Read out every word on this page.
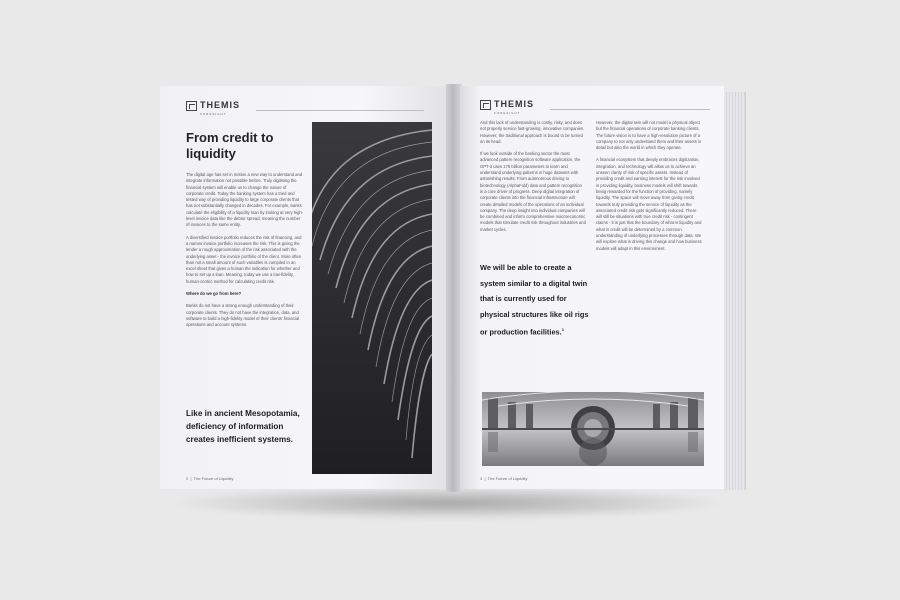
THEMIS
FORESIGHT
From credit to liquidity

The digital age has set in motion a new way to understand and integrate information not possible before. Truly digitising the financial system will enable us to change the nature of corporate credit. Today the banking system has a tried and tested way of providing liquidity to large corporate clients that has not substantially changed in decades. For example, banks calculate the eligibility of a liquidity loan by looking at very high-level invoice data like the debtor spread, meaning the number of invoices to the same entity.

A diversified invoice portfolio reduces the risk of financing, and a narrow invoice portfolio increases the risk. This is giving the lender a rough approximation of the risk associated with the underlying asset - the invoice portfolio of the client. More often than not a small amount of such variables is compiled in an excel sheet that gives a human the indication for whether and how to set up a loan. Meaning, today we use a low-fidelity, human-centric method for calculating credit risk.

Where do we go from here?

Banks do not have a strong enough understanding of their corporate clients. They do not have the integration, data, and software to build a high-fidelity model of their clients' financial operations and account systems.

Like in ancient Mesopotamia, deficiency of information creates inefficient systems.
2 | The Future of Liquidity
THEMIS
FORESIGHT

And this lack of understanding is costly, risky, and does not properly service fast-growing, innovative companies. However, the traditional approach is bound to be turned on its head.

If we look outside of the banking sector the most advanced pattern recognition software application, the GPT-3 uses 175 billion parameters to learn and understand underlying patterns in huge datasets with astonishing results. From autonomous driving to biotechnology (AlphaFold) data and pattern recognition is a core driver of progress. Deep digital integration of corporate clients into the financial infrastructure will create detailed models of the operations of an individual company. The deep insight into individual companies will be combined and inform comprehensive macroeconomic models that simulate credit risk throughout industries and market cycles.

However, the digital twin will not model a physical object but the financial operations of corporate banking clients. The future vision is to have a high-resolution picture of a company to not only understand them and their assets in detail but also the world in which they operate.

A financial ecosystem that deeply embraces digitization, integration, and technology will allow us to achieve an unseen clarity of risk of specific assets. Instead of providing credit and earning interest for the risk involved in providing liquidity, business models will shift towards being rewarded for the function of providing, namely liquidity. The space will move away from giving credit towards truly providing the service of liquidity as the associated credit risk gets significantly reduced. There will still be situations with true credit risk - contingent claims - it is just that the boundary of what is liquidity and what is credit will be determined by a common understanding of underlying processes through data. We will explore what is driving this change and how business models will adapt in this environment.

We will be able to create a system similar to a digital twin that is currently used for physical structures like oil rigs or production facilities.$^1$
3 | The Future of Liquidity
